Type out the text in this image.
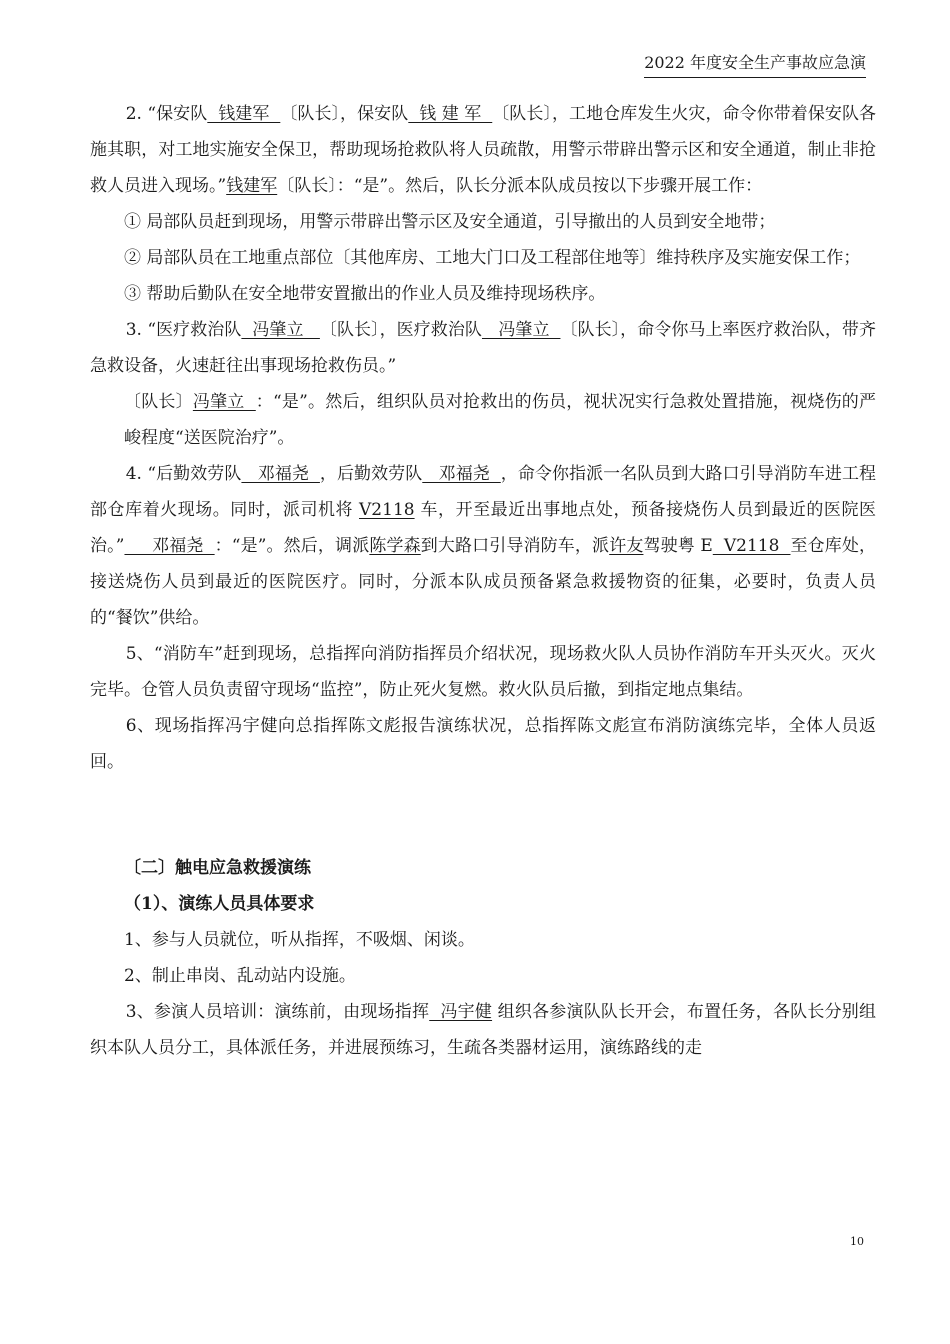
2022 年度安全生产事故应急演

2. “保安队  钱建军  〔队长〕，保安队  钱 建 军  〔队长〕，工地仓库发生火灾，命令你带着保安队各施其职，对工地实施安全保卫，帮助现场抢救队将人员疏散，用警示带辟出警示区和安全通道，制止非抢救人员进入现场。”钱建军〔队长〕：“是”。然后，队长分派本队成员按以下步骤开展工作：

① 局部队员赶到现场，用警示带辟出警示区及安全通道，引导撤出的人员到安全地带；

② 局部队员在工地重点部位〔其他库房、工地大门口及工程部住地等〕维持秩序及实施安保工作；

③ 帮助后勤队在安全地带安置撤出的作业人员及维持现场秩序。

3. “医疗救治队  冯肇立   〔队长〕，医疗救治队   冯肇立  〔队长〕，命令你马上率医疗救治队，带齐急救设备，火速赶往出事现场抢救伤员。”

〔队长〕冯肇立  ：“是”。然后，组织队员对抢救出的伤员，视状况实行急救处置措施，视烧伤的严峻程度“送医院治疗”。

4. “后勤效劳队   邓福尧  ，后勤效劳队   邓福尧  ，命令你指派一名队员到大路口引导消防车进工程部仓库着火现场。同时，派司机将 V2118 车，开至最近出事地点处，预备接烧伤人员到最近的医院医治。”     邓福尧  ：“是”。然后，调派陈学森到大路口引导消防车，派许友驾驶粤 E  V2118  至仓库处，接送烧伤人员到最近的医院医疗。同时，分派本队成员预备紧急救援物资的征集，必要时，负责人员的“餐饮”供给。

5、“消防车”赶到现场，总指挥向消防指挥员介绍状况，现场救火队人员协作消防车开头灭火。灭火完毕。仓管人员负责留守现场“监控”，防止死火复燃。救火队员后撤，到指定地点集结。

6、现场指挥冯宇健向总指挥陈文彪报告演练状况，总指挥陈文彪宣布消防演练完毕，全体人员返回。

〔二〕触电应急救援演练

（1）、演练人员具体要求

1、参与人员就位，听从指挥，不吸烟、闲谈。

2、制止串岗、乱动站内设施。

3、参演人员培训：演练前，由现场指挥  冯宇健 组织各参演队队长开会，布置任务，各队长分别组织本队人员分工，具体派任务，并进展预练习，生疏各类器材运用，演练路线的走

10
